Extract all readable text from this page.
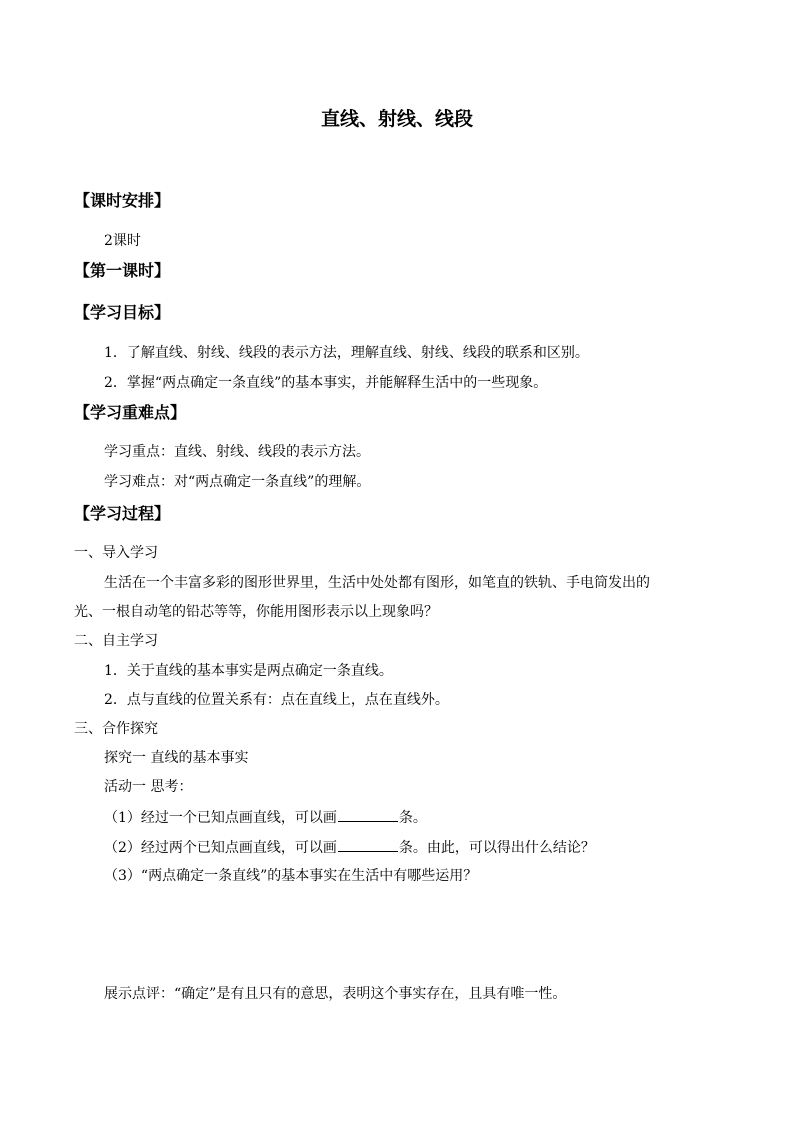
直线、射线、线段
【课时安排】
2课时
【第一课时】
【学习目标】
1．了解直线、射线、线段的表示方法，理解直线、射线、线段的联系和区别。
2．掌握“两点确定一条直线”的基本事实，并能解释生活中的一些现象。
【学习重难点】
学习重点：直线、射线、线段的表示方法。
学习难点：对“两点确定一条直线”的理解。
【学习过程】
一、导入学习
生活在一个丰富多彩的图形世界里，生活中处处都有图形，如笔直的铁轨、手电筒发出的
光、一根自动笔的铅芯等等，你能用图形表示以上现象吗？
二、自主学习
1．关于直线的基本事实是两点确定一条直线。
2．点与直线的位置关系有：点在直线上，点在直线外。
三、合作探究
探究一 直线的基本事实
活动一 思考：
（1）经过一个已知点画直线，可以画	条。
（2）经过两个已知点画直线，可以画	条。由此，可以得出什么结论？
（3）“两点确定一条直线”的基本事实在生活中有哪些运用？
展示点评：“确定”是有且只有的意思，表明这个事实存在，且具有唯一性。
